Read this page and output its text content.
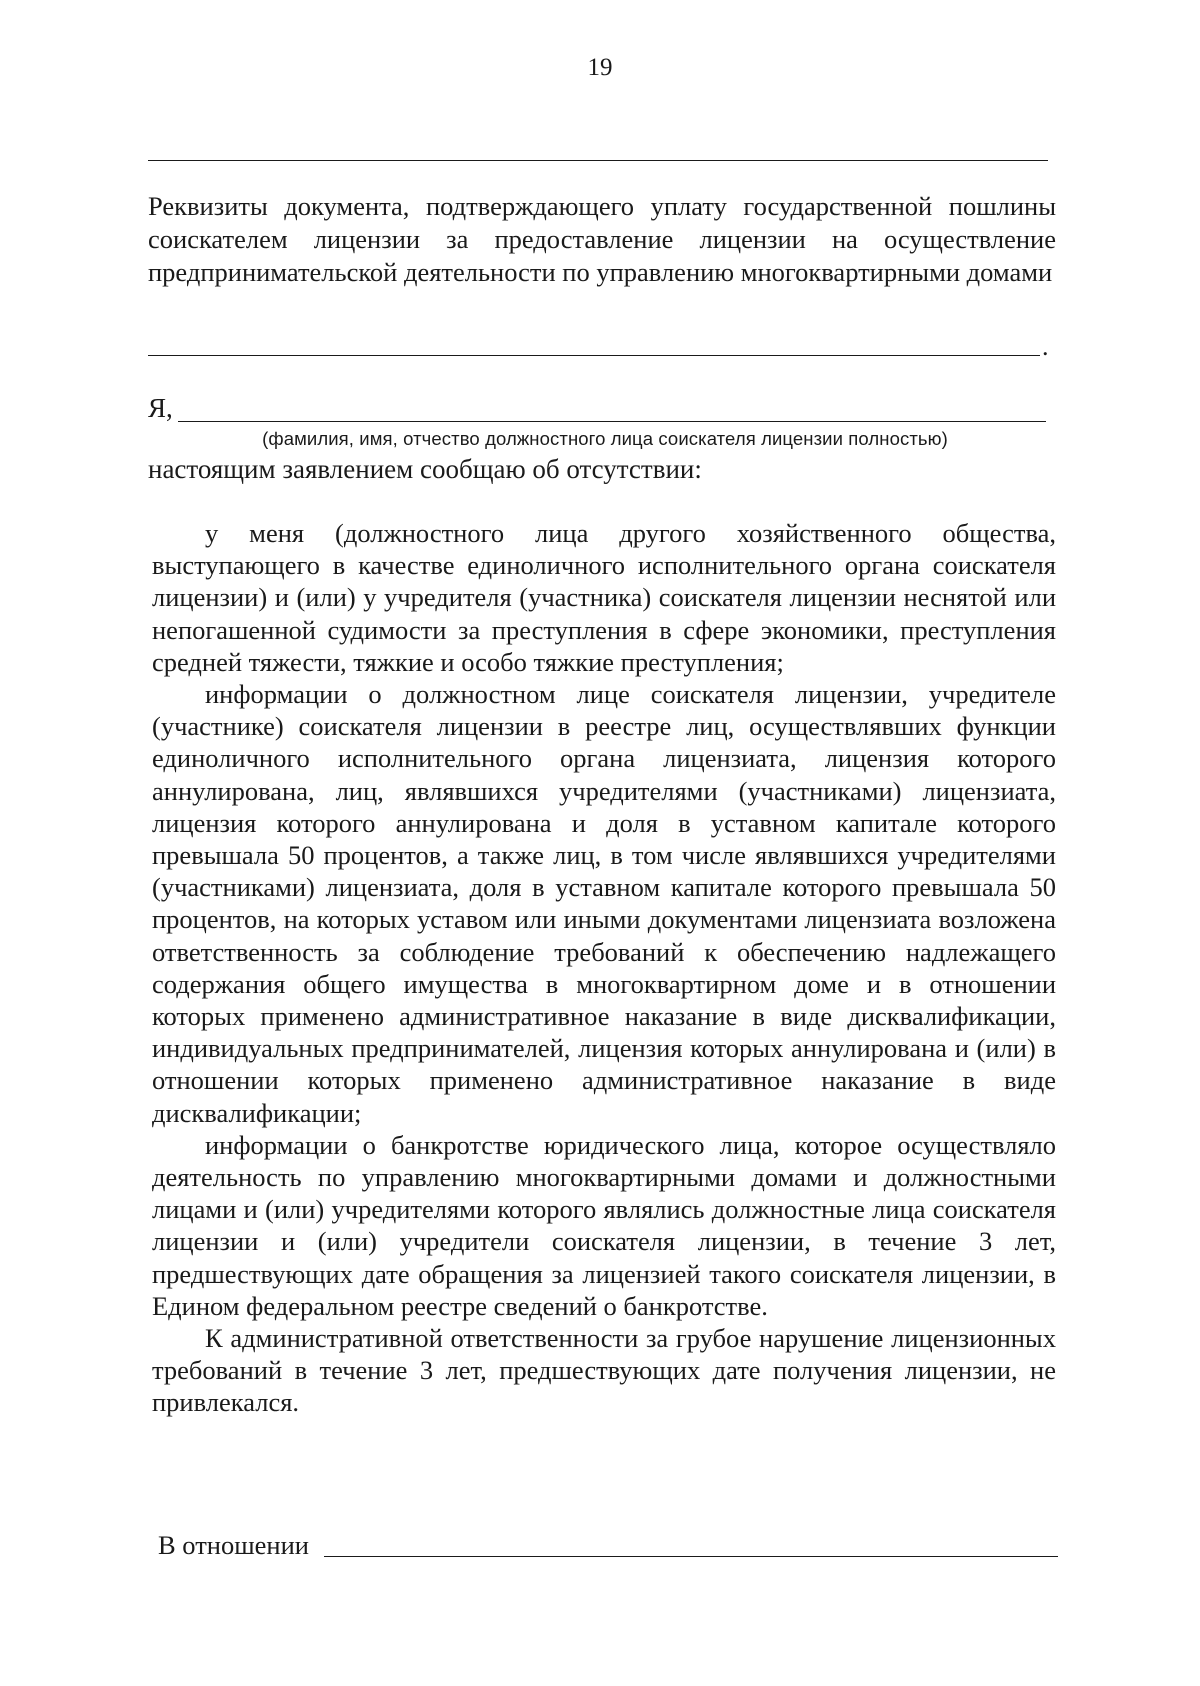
19
Реквизиты документа, подтверждающего уплату государственной пошлины соискателем лицензии за предоставление лицензии на осуществление предпринимательской деятельности по управлению многоквартирными домами
.
Я,
(фамилия, имя, отчество должностного лица соискателя лицензии полностью)
настоящим заявлением сообщаю об отсутствии:

у меня (должностного лица другого хозяйственного общества, выступающего в качестве единоличного исполнительного органа соискателя лицензии) и (или) у учредителя (участника) соискателя лицензии неснятой или непогашенной судимости за преступления в сфере экономики, преступления средней тяжести, тяжкие и особо тяжкие преступления;

информации о должностном лице соискателя лицензии, учредителе (участнике) соискателя лицензии в реестре лиц, осуществлявших функции единоличного исполнительного органа лицензиата, лицензия которого аннулирована, лиц, являвшихся учредителями (участниками) лицензиата, лицензия которого аннулирована и доля в уставном капитале которого превышала 50 процентов, а также лиц, в том числе являвшихся учредителями (участниками) лицензиата, доля в уставном капитале которого превышала 50 процентов, на которых уставом или иными документами лицензиата возложена ответственность за соблюдение требований к обеспечению надлежащего содержания общего имущества в многоквартирном доме и в отношении которых применено административное наказание в виде дисквалификации, индивидуальных предпринимателей, лицензия которых аннулирована и (или) в отношении которых применено административное наказание в виде дисквалификации;

информации о банкротстве юридического лица, которое осуществляло деятельность по управлению многоквартирными домами и должностными лицами и (или) учредителями которого являлись должностные лица соискателя лицензии и (или) учредители соискателя лицензии, в течение 3 лет, предшествующих дате обращения за лицензией такого соискателя лицензии, в Едином федеральном реестре сведений о банкротстве.

К административной ответственности за грубое нарушение лицензионных требований в течение 3 лет, предшествующих дате получения лицензии, не привлекался.

В отношении
